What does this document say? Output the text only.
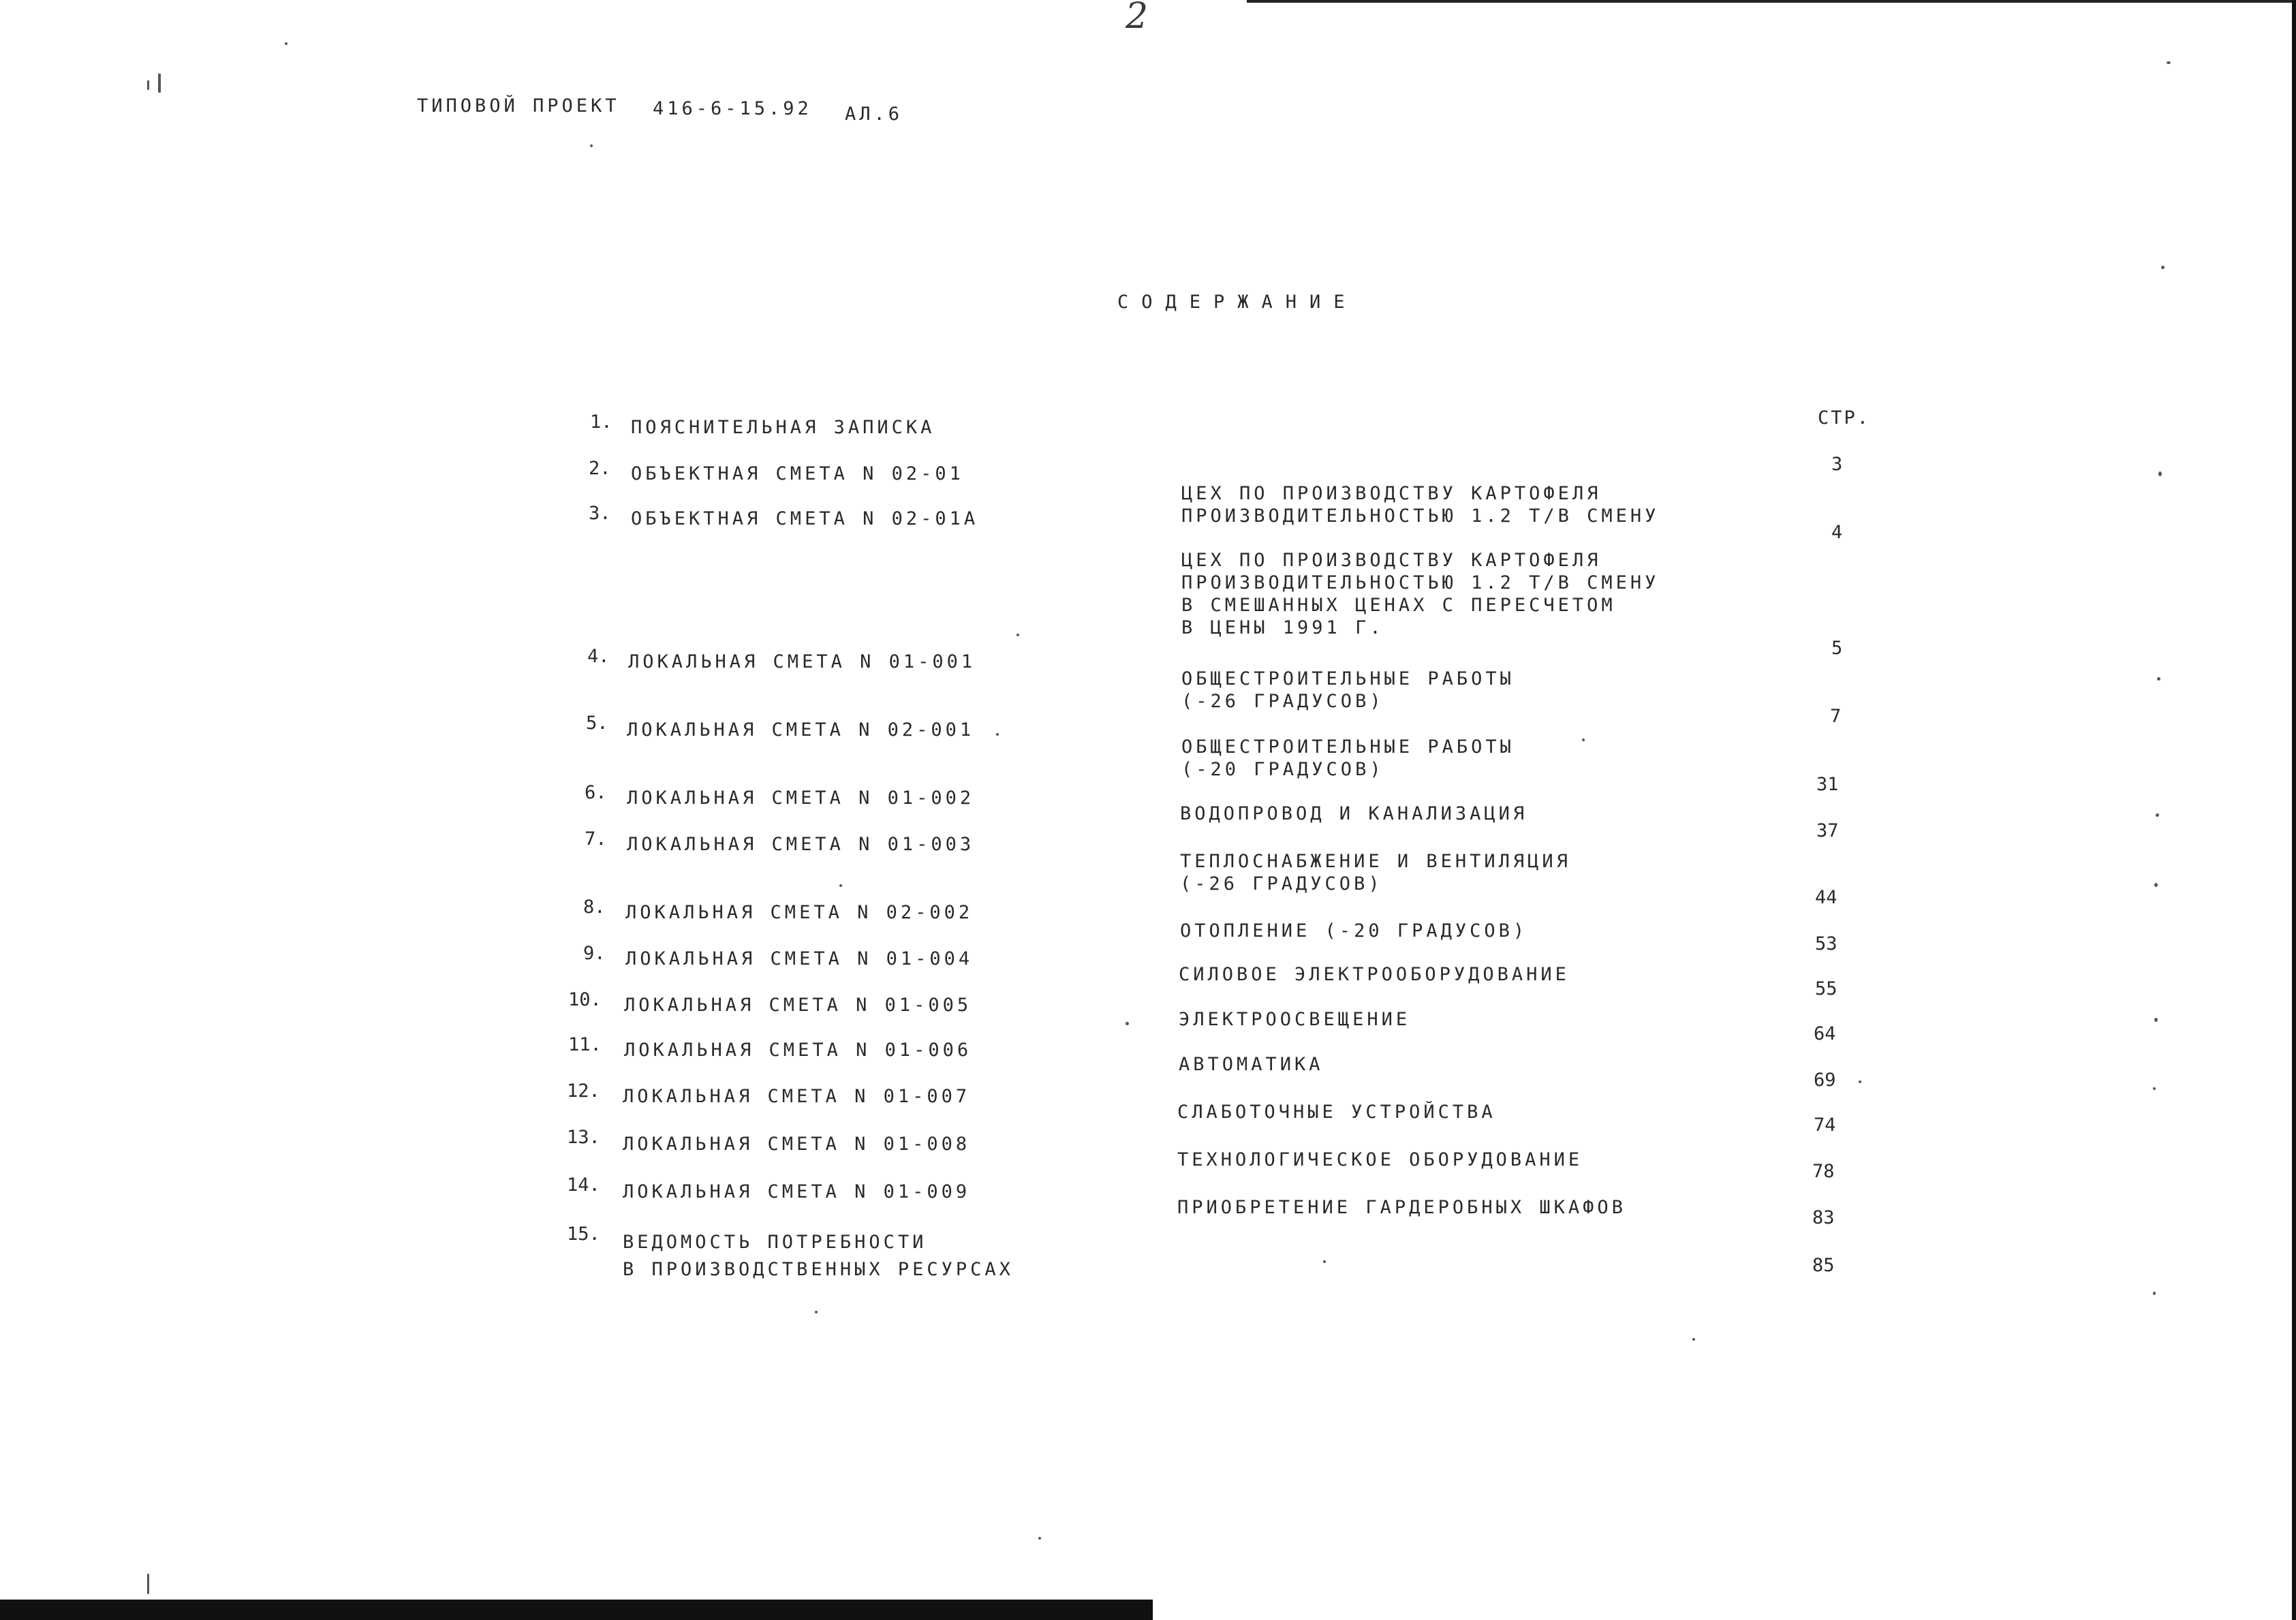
2
ТИПОВОЙ ПРОЕКТ 416-6-15.92 АЛ.6
СОДЕРЖАНИЕ
СТР.
1. ПОЯСНИТЕЛЬНАЯ ЗАПИСКА
2. ОБЪЕКТНАЯ СМЕТА N 02-01
3. ОБЪЕКТНАЯ СМЕТА N 02-01А
4. ЛОКАЛЬНАЯ СМЕТА N 01-001
5. ЛОКАЛЬНАЯ СМЕТА N 02-001
6. ЛОКАЛЬНАЯ СМЕТА N 01-002
7. ЛОКАЛЬНАЯ СМЕТА N 01-003
8. ЛОКАЛЬНАЯ СМЕТА N 02-002
9. ЛОКАЛЬНАЯ СМЕТА N 01-004
10. ЛОКАЛЬНАЯ СМЕТА N 01-005
11. ЛОКАЛЬНАЯ СМЕТА N 01-006
12. ЛОКАЛЬНАЯ СМЕТА N 01-007
13. ЛОКАЛЬНАЯ СМЕТА N 01-008
14. ЛОКАЛЬНАЯ СМЕТА N 01-009
15. ВЕДОМОСТЬ ПОТРЕБНОСТИ
В ПРОИЗВОДСТВЕННЫХ РЕСУРСАХ
ЦЕХ ПО ПРОИЗВОДСТВУ КАРТОФЕЛЯ
ПРОИЗВОДИТЕЛЬНОСТЬЮ 1.2 Т/В СМЕНУ
ЦЕХ ПО ПРОИЗВОДСТВУ КАРТОФЕЛЯ
ПРОИЗВОДИТЕЛЬНОСТЬЮ 1.2 Т/В СМЕНУ
В СМЕШАННЫХ ЦЕНАХ С ПЕРЕСЧЕТОМ
В ЦЕНЫ 1991 Г.
ОБЩЕСТРОИТЕЛЬНЫЕ РАБОТЫ
(-26 ГРАДУСОВ)
ОБЩЕСТРОИТЕЛЬНЫЕ РАБОТЫ
(-20 ГРАДУСОВ)
ВОДОПРОВОД И КАНАЛИЗАЦИЯ
ТЕПЛОСНАБЖЕНИЕ И ВЕНТИЛЯЦИЯ
(-26 ГРАДУСОВ)
ОТОПЛЕНИЕ (-20 ГРАДУСОВ)
СИЛОВОЕ ЭЛЕКТРООБОРУДОВАНИЕ
ЭЛЕКТРООСВЕЩЕНИЕ
АВТОМАТИКА
СЛАБОТОЧНЫЕ УСТРОЙСТВА
ТЕХНОЛОГИЧЕСКОЕ ОБОРУДОВАНИЕ
ПРИОБРЕТЕНИЕ ГАРДЕРОБНЫХ ШКАФОВ
3
4
5
7
31
37
44
53
55
64
69
74
78
83
85
